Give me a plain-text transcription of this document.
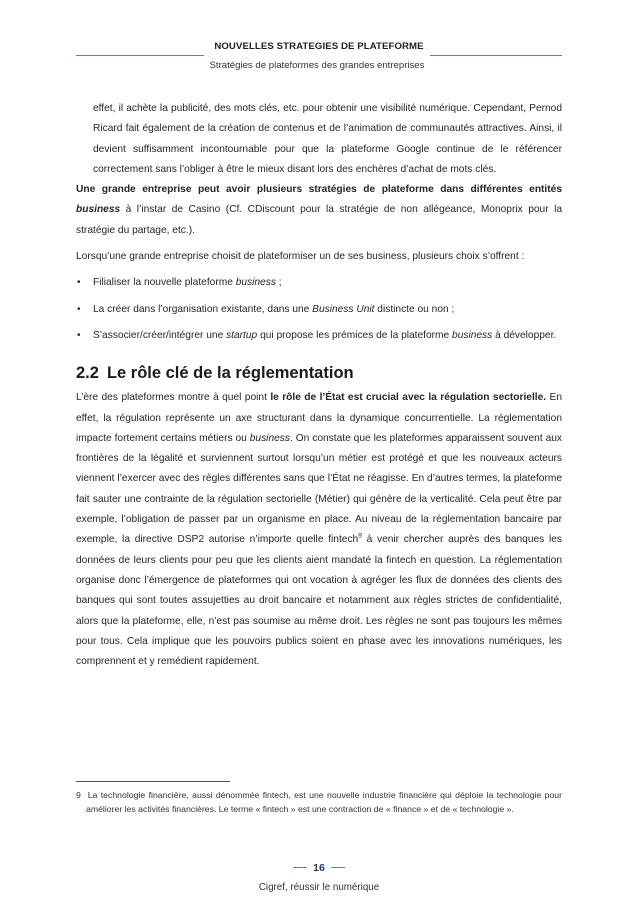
NOUVELLES STRATEGIES DE PLATEFORME
Stratégies de plateformes des grandes entreprises

effet, il achète la publicité, des mots clés, etc. pour obtenir une visibilité numérique. Cependant, Pernod Ricard fait également de la création de contenus et de l’animation de communautés attractives. Ainsi, il devient suffisamment incontournable pour que la plateforme Google continue de le référencer correctement sans l’obliger à être le mieux disant lors des enchères d’achat de mots clés.

Une grande entreprise peut avoir plusieurs stratégies de plateforme dans différentes entités business à l’instar de Casino (Cf. CDiscount pour la stratégie de non allégeance, Monoprix pour la stratégie du partage, etc.).

Lorsqu’une grande entreprise choisit de plateformiser un de ses business, plusieurs choix s’offrent :

• Filialiser la nouvelle plateforme business ;
• La créer dans l’organisation existante, dans une Business Unit distincte ou non ;
• S’associer/créer/intégrer une startup qui propose les prémices de la plateforme business à développer.
2.2 Le rôle clé de la réglementation

L’ère des plateformes montre à quel point le rôle de l’État est crucial avec la régulation sectorielle. En effet, la régulation représente un axe structurant dans la dynamique concurrentielle. La réglementation impacte fortement certains métiers ou business. On constate que les plateformes apparaissent souvent aux frontières de la légalité et surviennent surtout lorsqu’un métier est protégé et que les nouveaux acteurs viennent l’exercer avec des règles différentes sans que l’État ne réagisse. En d’autres termes, la plateforme fait sauter une contrainte de la régulation sectorielle (Métier) qui génère de la verticalité. Cela peut être par exemple, l’obligation de passer par un organisme en place. Au niveau de la réglementation bancaire par exemple, la directive DSP2 autorise n’importe quelle fintech$^9$ à venir chercher auprès des banques les données de leurs clients pour peu que les clients aient mandaté la fintech en question. La réglementation organise donc l’émergence de plateformes qui ont vocation à agréger les flux de données des clients des banques qui sont toutes assujetties au droit bancaire et notamment aux règles strictes de confidentialité, alors que la plateforme, elle, n’est pas soumise au même droit. Les règles ne sont pas toujours les mêmes pour tous. Cela implique que les pouvoirs publics soient en phase avec les innovations numériques, les comprennent et y remédient rapidement.

9 La technologie financière, aussi dénommée fintech, est une nouvelle industrie financière qui déploie la technologie pour améliorer les activités financières. Le terme « fintech » est une contraction de « finance » et de « technologie ».
16
Cigref, réussir le numérique
